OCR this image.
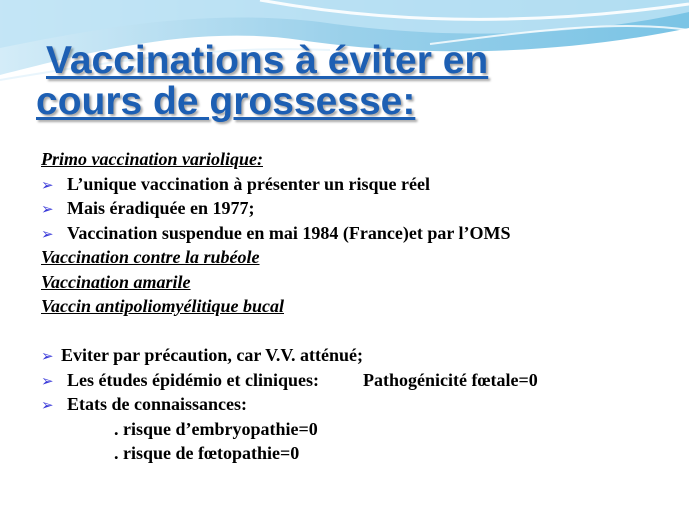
Vaccinations à éviter en
cours de grossesse:
Primo vaccination variolique:
➢ L’unique vaccination à présenter un risque réel
➢ Mais éradiquée en 1977;
➢ Vaccination suspendue en mai 1984 (France)et par l’OMS
Vaccination contre la rubéole
Vaccination amarile
Vaccin antipoliomyélitique bucal
➢ Eviter par précaution, car V.V. atténué;
➢ Les études épidémio et cliniques: Pathogénicité fœtale=0
➢ Etats de connaissances:
. risque d’embryopathie=0
. risque de fœtopathie=0
